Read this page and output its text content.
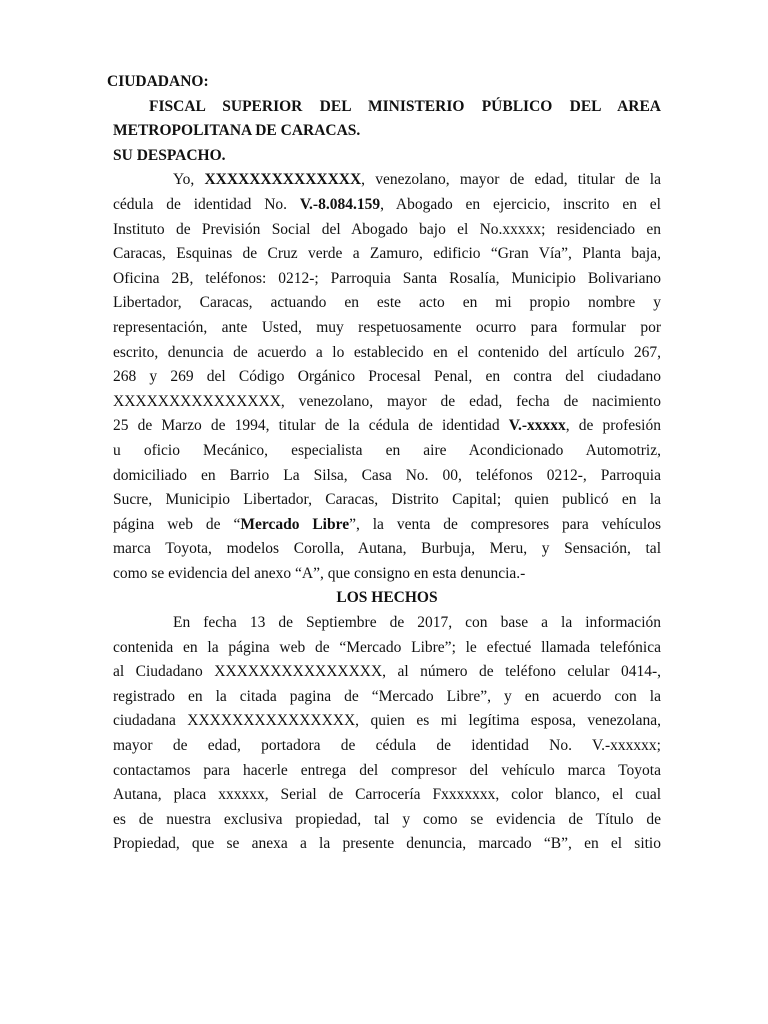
CIUDADANO:
FISCAL SUPERIOR DEL MINISTERIO PÚBLICO DEL AREA
METROPOLITANA DE CARACAS.
SU DESPACHO.
Yo, XXXXXXXXXXXXXX, venezolano, mayor de edad, titular de la
cédula de identidad No. V.-8.084.159, Abogado en ejercicio, inscrito en el
Instituto de Previsión Social del Abogado bajo el No.xxxxx; residenciado en
Caracas, Esquinas de Cruz verde a Zamuro, edificio “Gran Vía”, Planta baja,
Oficina 2B, teléfonos: 0212-; Parroquia Santa Rosalía, Municipio Bolivariano
Libertador, Caracas, actuando en este acto en mi propio nombre y
representación, ante Usted, muy respetuosamente ocurro para formular por
escrito, denuncia de acuerdo a lo establecido en el contenido del artículo 267,
268 y 269 del Código Orgánico Procesal Penal, en contra del ciudadano
XXXXXXXXXXXXXXX, venezolano, mayor de edad, fecha de nacimiento
25 de Marzo de 1994, titular de la cédula de identidad V.-xxxxx, de profesión
u oficio Mecánico, especialista en aire Acondicionado Automotriz,
domiciliado en Barrio La Silsa, Casa No. 00, teléfonos 0212-, Parroquia
Sucre, Municipio Libertador, Caracas, Distrito Capital; quien publicó en la
página web de “Mercado Libre”, la venta de compresores para vehículos
marca Toyota, modelos Corolla, Autana, Burbuja, Meru, y Sensación, tal
como se evidencia del anexo “A”, que consigno en esta denuncia.-
LOS HECHOS
En fecha 13 de Septiembre de 2017, con base a la información
contenida en la página web de “Mercado Libre”; le efectué llamada telefónica
al Ciudadano XXXXXXXXXXXXXXX, al número de teléfono celular 0414-,
registrado en la citada pagina de “Mercado Libre”, y en acuerdo con la
ciudadana XXXXXXXXXXXXXXX, quien es mi legítima esposa, venezolana,
mayor de edad, portadora de cédula de identidad No. V.-xxxxxx;
contactamos para hacerle entrega del compresor del vehículo marca Toyota
Autana, placa xxxxxx, Serial de Carrocería Fxxxxxxx, color blanco, el cual
es de nuestra exclusiva propiedad, tal y como se evidencia de Título de
Propiedad, que se anexa a la presente denuncia, marcado “B”, en el sitio
